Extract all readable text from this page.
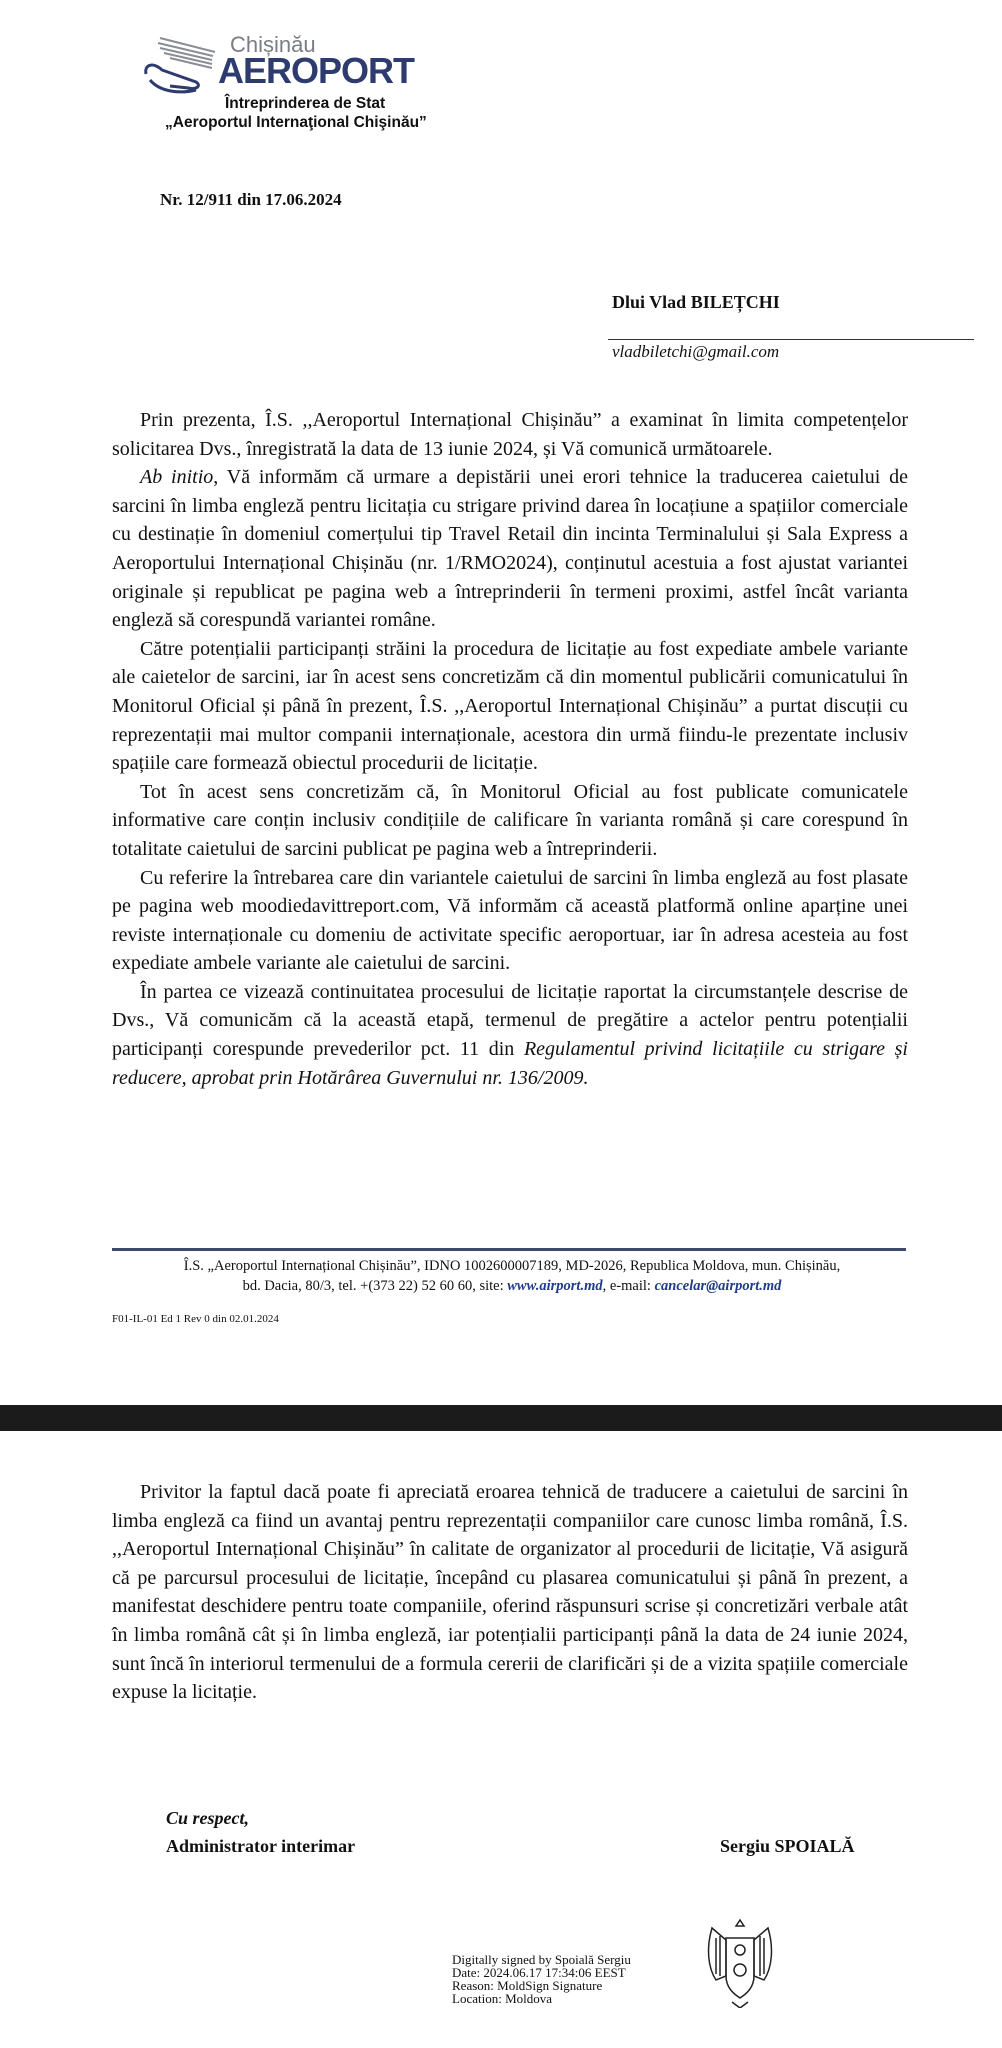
Chișinău
AEROPORT
Întreprinderea de Stat
„Aeroportul Internaţional Chişinău”
Nr. 12/911 din 17.06.2024
Dlui Vlad BILEȚCHI
vladbiletchi@gmail.com

Prin prezenta, Î.S. ,,Aeroportul Internațional Chișinău” a examinat în limita competențelor solicitarea Dvs., înregistrată la data de 13 iunie 2024, și Vă comunică următoarele.

Ab initio, Vă informăm că urmare a depistării unei erori tehnice la traducerea caietului de sarcini în limba engleză pentru licitația cu strigare privind darea în locațiune a spațiilor comerciale cu destinație în domeniul comerțului tip Travel Retail din incinta Terminalului și Sala Express a Aeroportului Internațional Chișinău (nr. 1/RMO2024), conținutul acestuia a fost ajustat variantei originale și republicat pe pagina web a întreprinderii în termeni proximi, astfel încât varianta engleză să corespundă variantei române.

Către potențialii participanți străini la procedura de licitație au fost expediate ambele variante ale caietelor de sarcini, iar în acest sens concretizăm că din momentul publicării comunicatului în Monitorul Oficial și până în prezent, Î.S. ,,Aeroportul Internațional Chișinău” a purtat discuții cu reprezentații mai multor companii internaționale, acestora din urmă fiindu-le prezentate inclusiv spațiile care formează obiectul procedurii de licitație.

Tot în acest sens concretizăm că, în Monitorul Oficial au fost publicate comunicatele informative care conțin inclusiv condițiile de calificare în varianta română și care corespund în totalitate caietului de sarcini publicat pe pagina web a întreprinderii.

Cu referire la întrebarea care din variantele caietului de sarcini în limba engleză au fost plasate pe pagina web moodiedavittreport.com, Vă informăm că această platformă online aparține unei reviste internaționale cu domeniu de activitate specific aeroportuar, iar în adresa acesteia au fost expediate ambele variante ale caietului de sarcini.

În partea ce vizează continuitatea procesului de licitație raportat la circumstanțele descrise de Dvs., Vă comunicăm că la această etapă, termenul de pregătire a actelor pentru potențialii participanți corespunde prevederilor pct. 11 din Regulamentul privind licitațiile cu strigare și reducere, aprobat prin Hotărârea Guvernului nr. 136/2009.

Î.S. „Aeroportul Internațional Chișinău”, IDNO 1002600007189, MD-2026, Republica Moldova, mun. Chișinău,
bd. Dacia, 80/3, tel. +(373 22) 52 60 60, site: www.airport.md, e-mail: cancelar@airport.md
F01-IL-01 Ed 1 Rev 0 din 02.01.2024

Privitor la faptul dacă poate fi apreciată eroarea tehnică de traducere a caietului de sarcini în limba engleză ca fiind un avantaj pentru reprezentații companiilor care cunosc limba română, Î.S. ,,Aeroportul Internațional Chișinău” în calitate de organizator al procedurii de licitație, Vă asigură că pe parcursul procesului de licitație, începând cu plasarea comunicatului și până în prezent, a manifestat deschidere pentru toate companiile, oferind răspunsuri scrise și concretizări verbale atât în limba română cât și în limba engleză, iar potențialii participanți până la data de 24 iunie 2024, sunt încă în interiorul termenului de a formula cererii de clarificări și de a vizita spațiile comerciale expuse la licitație.

Cu respect,
Administrator interimar	Sergiu SPOIALĂ
Digitally signed by Spoială Sergiu
Date: 2024.06.17 17:34:06 EEST
Reason: MoldSign Signature
Location: Moldova
